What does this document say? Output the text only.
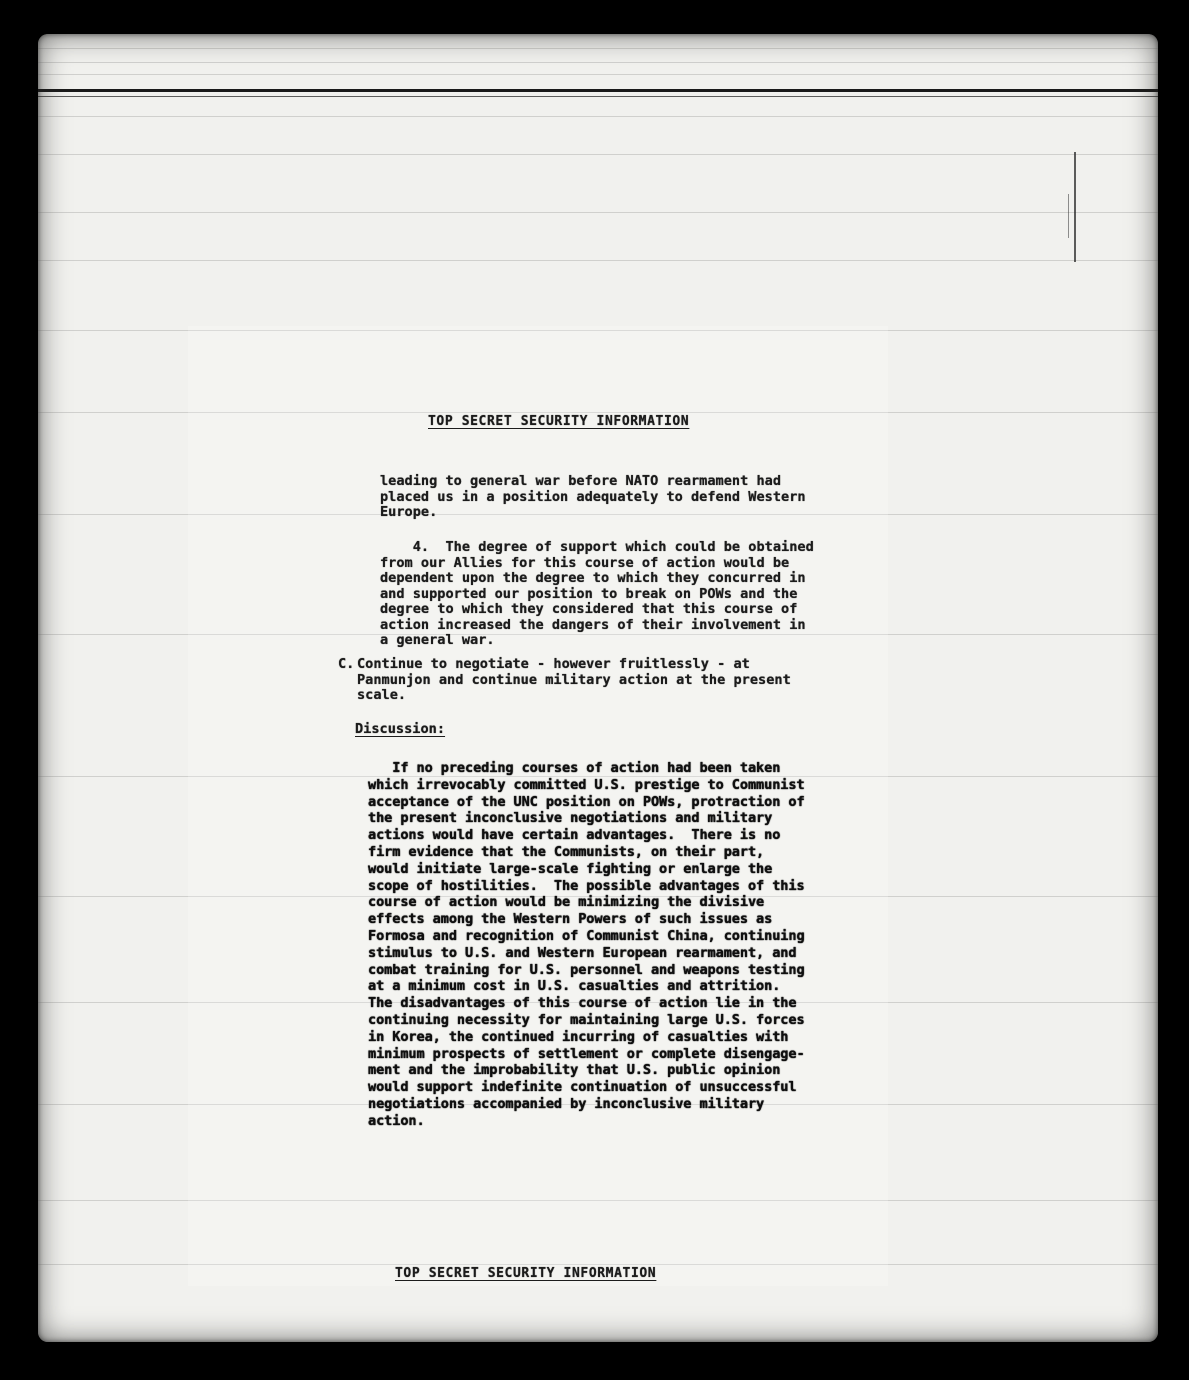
TOP SECRET SECURITY INFORMATION
leading to general war before NATO rearmament had
placed us in a position adequately to defend Western
Europe.
4.  The degree of support which could be obtained
from our Allies for this course of action would be
dependent upon the degree to which they concurred in
and supported our position to break on POWs and the
degree to which they considered that this course of
action increased the dangers of their involvement in
a general war.
C. Continue to negotiate - however fruitlessly - at
Panmunjon and continue military action at the present
scale.
Discussion:
If no preceding courses of action had been taken
which irrevocably committed U.S. prestige to Communist
acceptance of the UNC position on POWs, protraction of
the present inconclusive negotiations and military
actions would have certain advantages.  There is no
firm evidence that the Communists, on their part,
would initiate large-scale fighting or enlarge the
scope of hostilities.  The possible advantages of this
course of action would be minimizing the divisive
effects among the Western Powers of such issues as
Formosa and recognition of Communist China, continuing
stimulus to U.S. and Western European rearmament, and
combat training for U.S. personnel and weapons testing
at a minimum cost in U.S. casualties and attrition.
The disadvantages of this course of action lie in the
continuing necessity for maintaining large U.S. forces
in Korea, the continued incurring of casualties with
minimum prospects of settlement or complete disengage-
ment and the improbability that U.S. public opinion
would support indefinite continuation of unsuccessful
negotiations accompanied by inconclusive military
action.
TOP SECRET SECURITY INFORMATION
